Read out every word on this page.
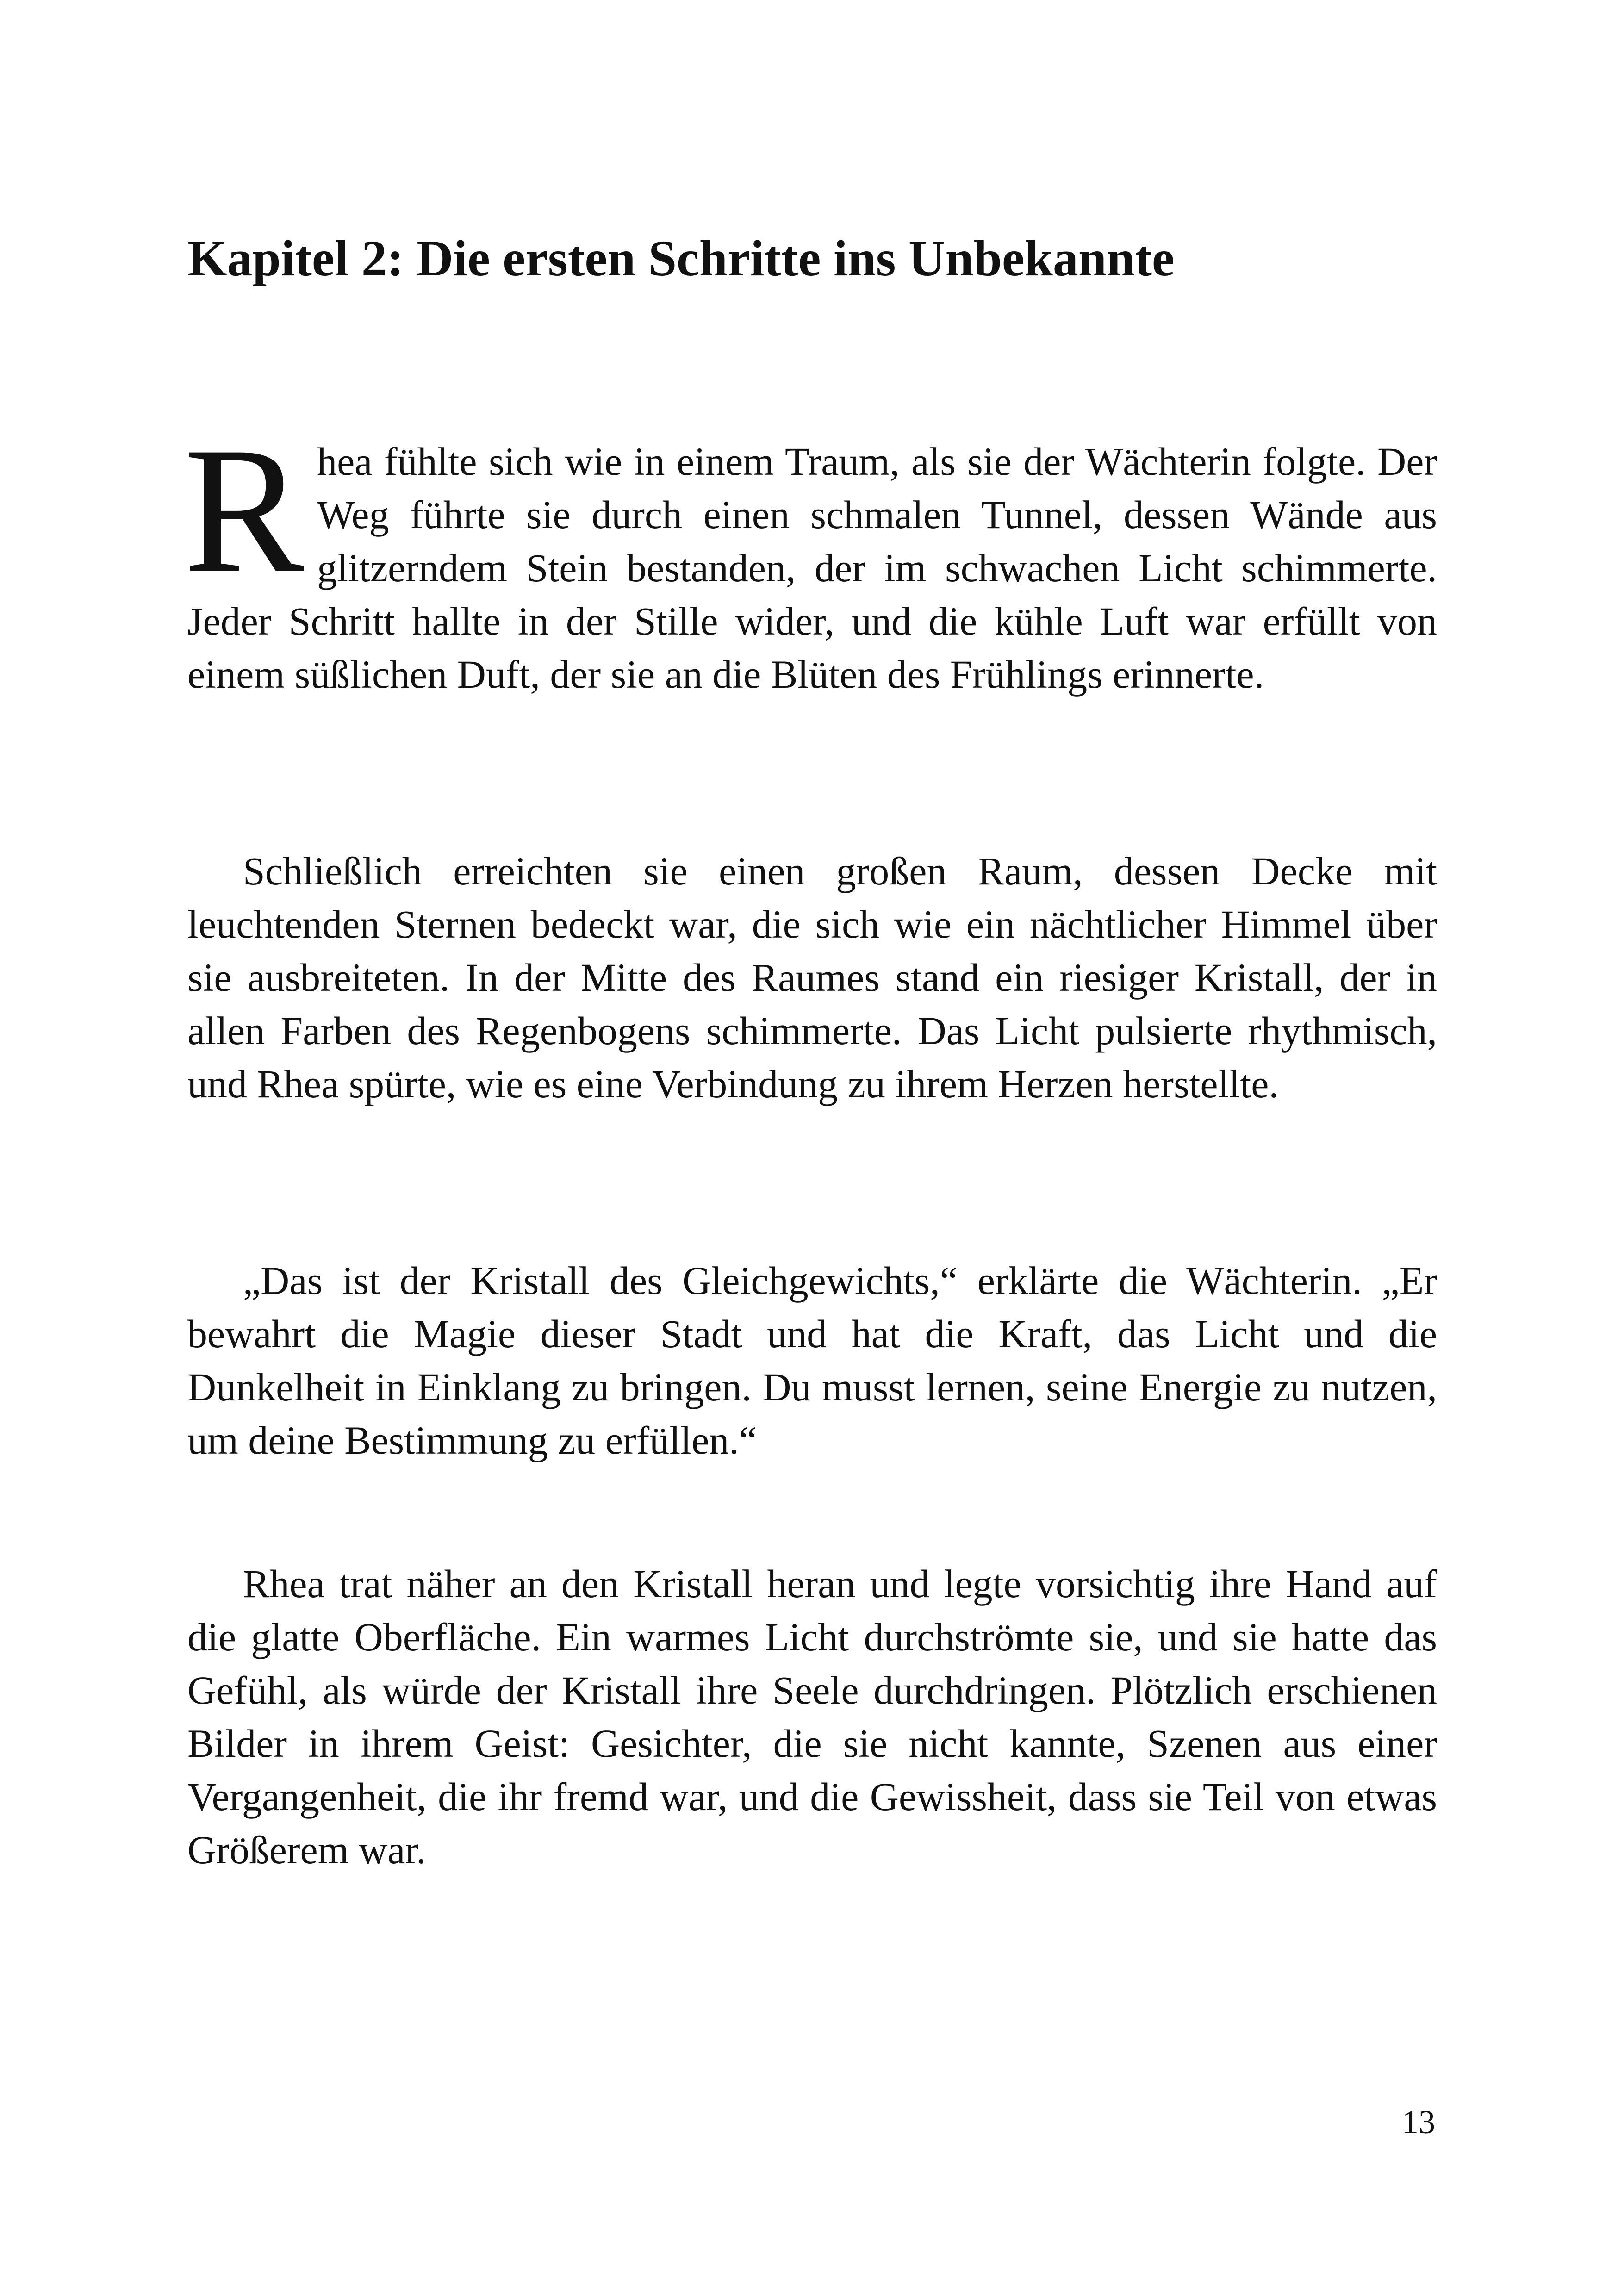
Kapitel 2: Die ersten Schritte ins Unbekannte

Rhea fühlte sich wie in einem Traum, als sie der Wächterin folgte. Der Weg führte sie durch einen schmalen Tunnel, dessen Wände aus glitzerndem Stein bestanden, der im schwachen Licht schimmerte. Jeder Schritt hallte in der Stille wider, und die kühle Luft war erfüllt von einem süßlichen Duft, der sie an die Blüten des Frühlings erinnerte.

Schließlich erreichten sie einen großen Raum, dessen Decke mit leuchtenden Sternen bedeckt war, die sich wie ein nächtlicher Himmel über sie ausbreiteten. In der Mitte des Raumes stand ein riesiger Kristall, der in allen Farben des Regenbogens schimmerte. Das Licht pulsierte rhythmisch, und Rhea spürte, wie es eine Verbindung zu ihrem Herzen herstellte.

„Das ist der Kristall des Gleichgewichts,“ erklärte die Wächterin. „Er bewahrt die Magie dieser Stadt und hat die Kraft, das Licht und die Dunkelheit in Einklang zu bringen. Du musst lernen, seine Energie zu nutzen, um deine Bestimmung zu erfüllen.“

Rhea trat näher an den Kristall heran und legte vorsichtig ihre Hand auf die glatte Oberfläche. Ein warmes Licht durchströmte sie, und sie hatte das Gefühl, als würde der Kristall ihre Seele durchdringen. Plötzlich erschienen Bilder in ihrem Geist: Gesichter, die sie nicht kannte, Szenen aus einer Vergangenheit, die ihr fremd war, und die Gewissheit, dass sie Teil von etwas Größerem war.

13
